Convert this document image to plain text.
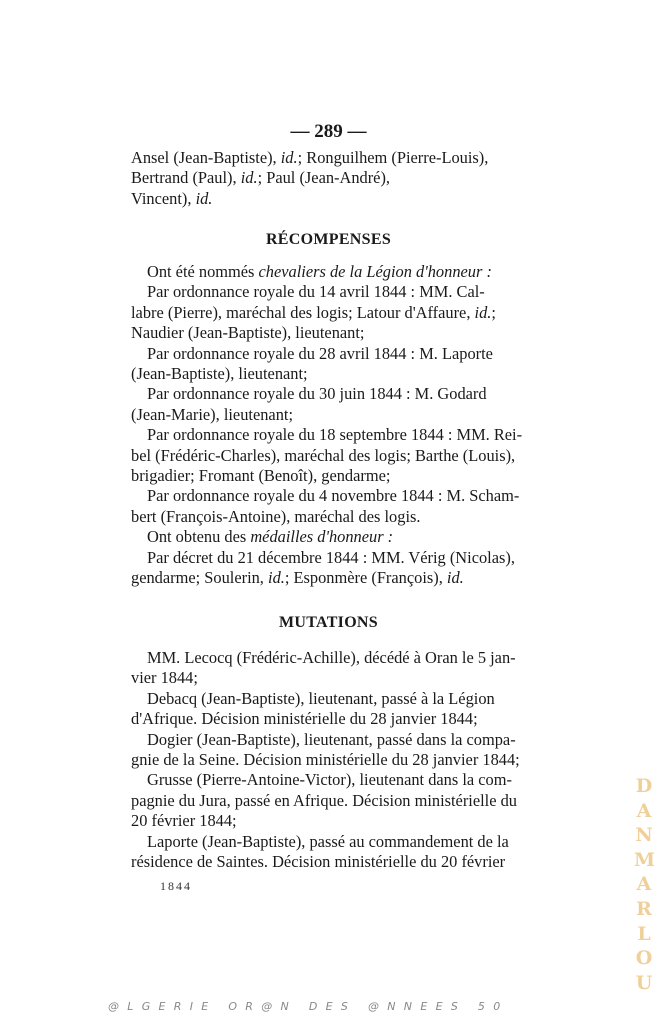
— 289 —

Ansel (Jean-Baptiste), id.; Ronguilhem (Pierre-Louis),
Bertrand (Paul), id.; Paul (Jean-André),
Vincent), id.

RÉCOMPENSES
Ont été nommés chevaliers de la Légion d'honneur :
Par ordonnance royale du 14 avril 1844 : MM. Cal-
labre (Pierre), maréchal des logis; Latour d'Affaure, id.;
Naudier (Jean-Baptiste), lieutenant;
Par ordonnance royale du 28 avril 1844 : M. Laporte
(Jean-Baptiste), lieutenant;
Par ordonnance royale du 30 juin 1844 : M. Godard
(Jean-Marie), lieutenant;
Par ordonnance royale du 18 septembre 1844 : MM. Rei-
bel (Frédéric-Charles), maréchal des logis; Barthe (Louis),
brigadier; Fromant (Benoît), gendarme;
Par ordonnance royale du 4 novembre 1844 : M. Scham-
bert (François-Antoine), maréchal des logis.
Ont obtenu des médailles d'honneur :
Par décret du 21 décembre 1844 : MM. Vérig (Nicolas),
gendarme; Soulerin, id.; Esponmère (François), id.
MUTATIONS
MM. Lecocq (Frédéric-Achille), décédé à Oran le 5 jan-
vier 1844;
Debacq (Jean-Baptiste), lieutenant, passé à la Légion
d'Afrique. Décision ministérielle du 28 janvier 1844;
Dogier (Jean-Baptiste), lieutenant, passé dans la compa-
gnie de la Seine. Décision ministérielle du 28 janvier 1844;
Grusse (Pierre-Antoine-Victor), lieutenant dans la com-
pagnie du Jura, passé en Afrique. Décision ministérielle du
20 février 1844;
Laporte (Jean-Baptiste), passé au commandement de la
résidence de Saintes. Décision ministérielle du 20 février
1844
D
A
N
M
A
R
L
O
U
@LGERIE OR@N DES @NNEES 50
